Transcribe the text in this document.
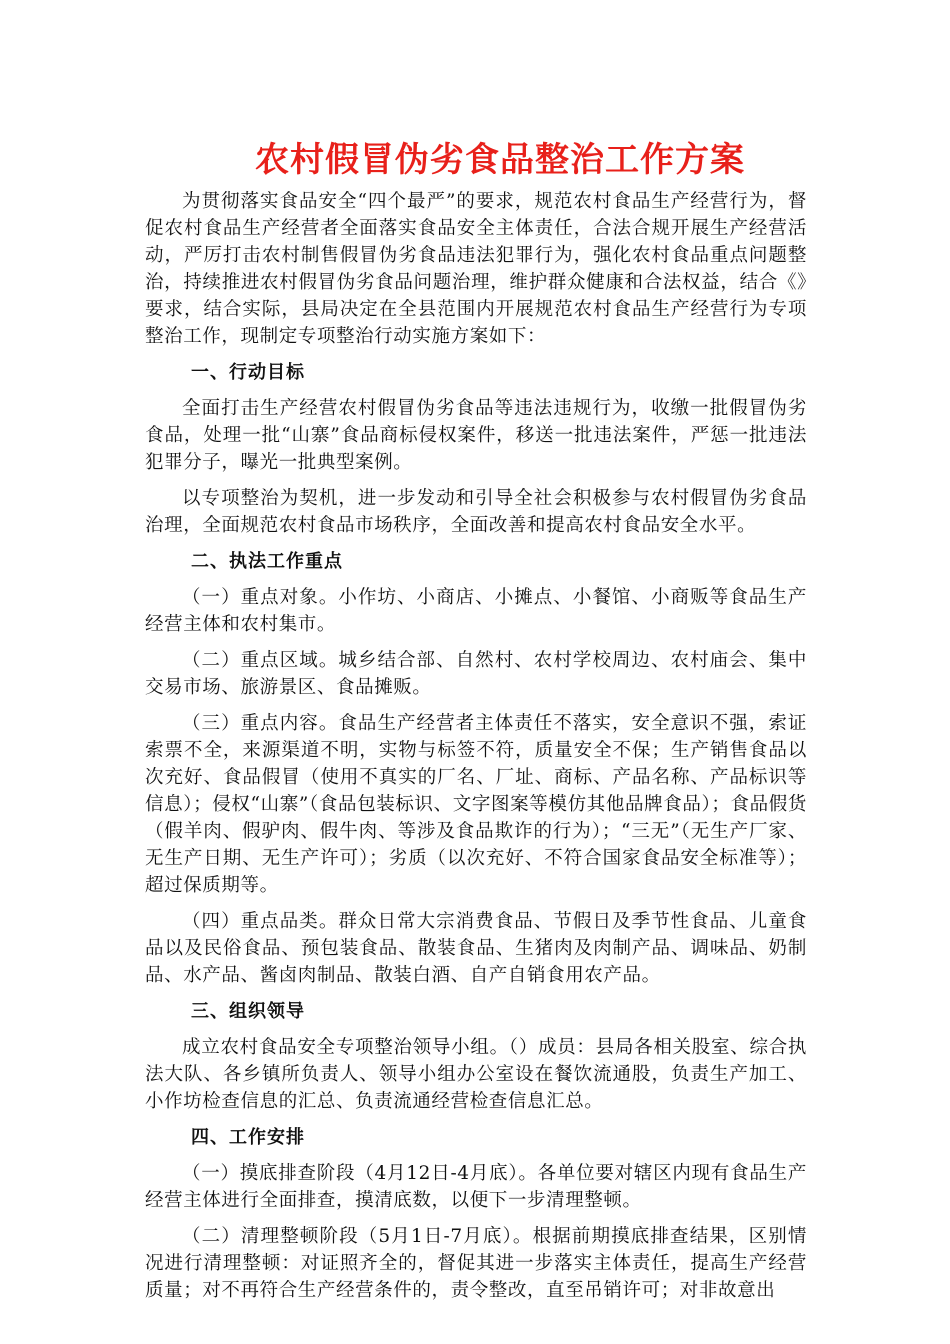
农村假冒伪劣食品整治工作方案

为贯彻落实食品安全“四个最严”的要求，规范农村食品生产经营行为，督促农村食品生产经营者全面落实食品安全主体责任，合法合规开展生产经营活动，严厉打击农村制售假冒伪劣食品违法犯罪行为，强化农村食品重点问题整治，持续推进农村假冒伪劣食品问题治理，维护群众健康和合法权益，结合《》要求，结合实际，县局决定在全县范围内开展规范农村食品生产经营行为专项整治工作，现制定专项整治行动实施方案如下：

一、行动目标

全面打击生产经营农村假冒伪劣食品等违法违规行为，收缴一批假冒伪劣食品，处理一批“山寨”食品商标侵权案件，移送一批违法案件，严惩一批违法犯罪分子，曝光一批典型案例。

以专项整治为契机，进一步发动和引导全社会积极参与农村假冒伪劣食品治理，全面规范农村食品市场秩序，全面改善和提高农村食品安全水平。

二、执法工作重点

（一）重点对象。小作坊、小商店、小摊点、小餐馆、小商贩等食品生产经营主体和农村集市。

（二）重点区域。城乡结合部、自然村、农村学校周边、农村庙会、集中交易市场、旅游景区、食品摊贩。

（三）重点内容。食品生产经营者主体责任不落实，安全意识不强，索证索票不全，来源渠道不明，实物与标签不符，质量安全不保；生产销售食品以次充好、食品假冒（使用不真实的厂名、厂址、商标、产品名称、产品标识等信息）；侵权“山寨”（食品包装标识、文字图案等模仿其他品牌食品）；食品假货（假羊肉、假驴肉、假牛肉、等涉及食品欺诈的行为）；“三无”（无生产厂家、无生产日期、无生产许可）；劣质（以次充好、不符合国家食品安全标准等）；超过保质期等。

（四）重点品类。群众日常大宗消费食品、节假日及季节性食品、儿童食品以及民俗食品、预包装食品、散装食品、生猪肉及肉制产品、调味品、奶制品、水产品、酱卤肉制品、散装白酒、自产自销食用农产品。

三、组织领导

成立农村食品安全专项整治领导小组。（）成员：县局各相关股室、综合执法大队、各乡镇所负责人、领导小组办公室设在餐饮流通股，负责生产加工、小作坊检查信息的汇总、负责流通经营检查信息汇总。

四、工作安排

（一）摸底排查阶段（4月12日-4月底）。各单位要对辖区内现有食品生产经营主体进行全面排查，摸清底数，以便下一步清理整顿。

（二）清理整顿阶段（5月1日-7月底）。根据前期摸底排查结果，区别情况进行清理整顿：对证照齐全的，督促其进一步落实主体责任，提高生产经营质量；对不再符合生产经营条件的，责令整改，直至吊销许可；对非故意出
